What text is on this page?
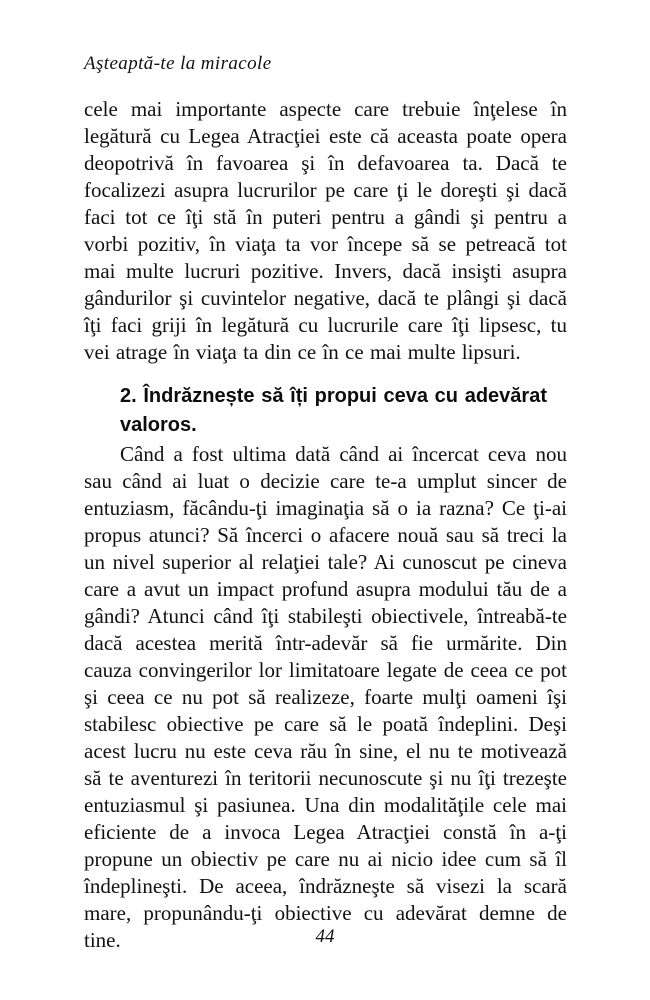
Aşteaptă-te la miracole

cele mai importante aspecte care trebuie înţelese în legătură cu Legea Atracţiei este că aceasta poate opera deopotrivă în favoarea şi în defavoarea ta. Dacă te focalizezi asupra lucrurilor pe care ţi le doreşti şi dacă faci tot ce îţi stă în puteri pentru a gândi şi pentru a vorbi pozitiv, în viaţa ta vor începe să se petreacă tot mai multe lucruri pozitive. Invers, dacă insişti asupra gândurilor şi cuvintelor negative, dacă te plângi şi dacă îţi faci griji în legătură cu lucrurile care îţi lipsesc, tu vei atrage în viaţa ta din ce în ce mai multe lipsuri.

2. Îndrăznește să îți propui ceva cu adevărat valoros.

Când a fost ultima dată când ai încercat ceva nou sau când ai luat o decizie care te-a umplut sincer de entuziasm, făcându-ţi imaginaţia să o ia razna? Ce ţi-ai propus atunci? Să încerci o afacere nouă sau să treci la un nivel superior al relaţiei tale? Ai cunoscut pe cineva care a avut un impact profund asupra modului tău de a gândi? Atunci când îţi stabileşti obiectivele, întreabă-te dacă acestea merită într-adevăr să fie urmărite. Din cauza convingerilor lor limitatoare legate de ceea ce pot şi ceea ce nu pot să realizeze, foarte mulţi oameni îşi stabilesc obiective pe care să le poată îndeplini. Deşi acest lucru nu este ceva rău în sine, el nu te motivează să te aventurezi în teritorii necunoscute şi nu îţi trezeşte entuziasmul şi pasiunea. Una din modalităţile cele mai eficiente de a invoca Legea Atracţiei constă în a-ţi propune un obiectiv pe care nu ai nicio idee cum să îl îndeplineşti. De aceea, îndrăzneşte să visezi la scară mare, propunându-ţi obiective cu adevărat demne de tine.	44
